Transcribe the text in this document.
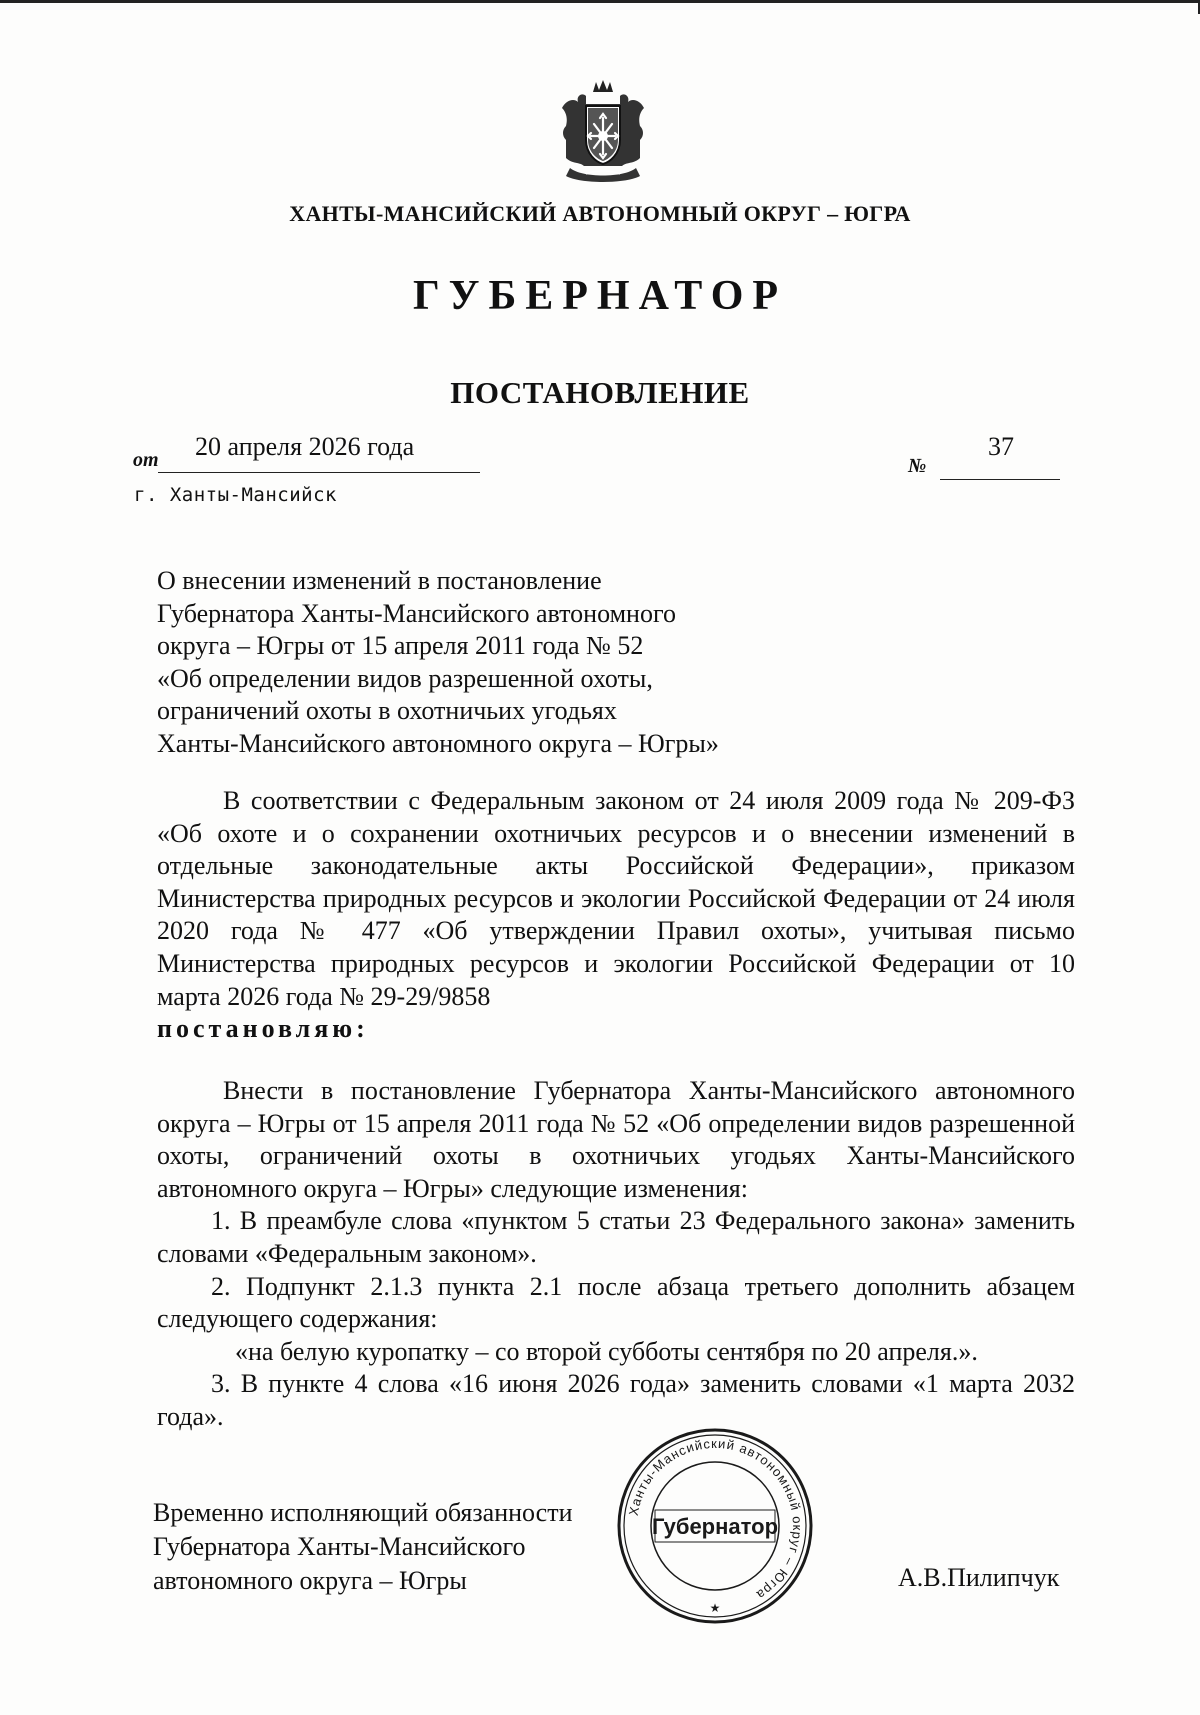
ХАНТЫ-МАНСИЙСКИЙ АВТОНОМНЫЙ ОКРУГ – ЮГРА
ГУБЕРНАТОР
ПОСТАНОВЛЕНИЕ
от 20 апреля 2026 года
№
37
г. Ханты-Мансийск
О внесении изменений в постановление
Губернатора Ханты-Мансийского автономного
округа – Югры от 15 апреля 2011 года № 52
«Об определении видов разрешенной охоты,
ограничений охоты в охотничьих угодьях
Ханты-Мансийского автономного округа – Югры»

В соответствии с Федеральным законом от 24 июля 2009 года № 209-ФЗ «Об охоте и о сохранении охотничьих ресурсов и о внесении изменений в отдельные законодательные акты Российской Федерации», приказом Министерства природных ресурсов и экологии Российской Федерации от 24 июля 2020 года № 477 «Об утверждении Правил охоты», учитывая письмо Министерства природных ресурсов и экологии Российской Федерации от 10 марта 2026 года № 29-29/9858

постановляю:

Внести в постановление Губернатора Ханты-Мансийского автономного округа – Югры от 15 апреля 2011 года № 52 «Об определении видов разрешенной охоты, ограничений охоты в охотничьих угодьях Ханты-Мансийского автономного округа – Югры» следующие изменения:

1. В преамбуле слова «пунктом 5 статьи 23 Федерального закона» заменить словами «Федеральным законом».

2. Подпункт 2.1.3 пункта 2.1 после абзаца третьего дополнить абзацем следующего содержания:

«на белую куропатку – со второй субботы сентября по 20 апреля.».

3. В пункте 4 слова «16 июня 2026 года» заменить словами «1 марта 2032 года».

Временно исполняющий обязанности
Губернатора Ханты-Мансийского
автономного округа – Югры
Ханты-Мансийский автономный округ – Югра
Губернатор
★
А.В.Пилипчук
